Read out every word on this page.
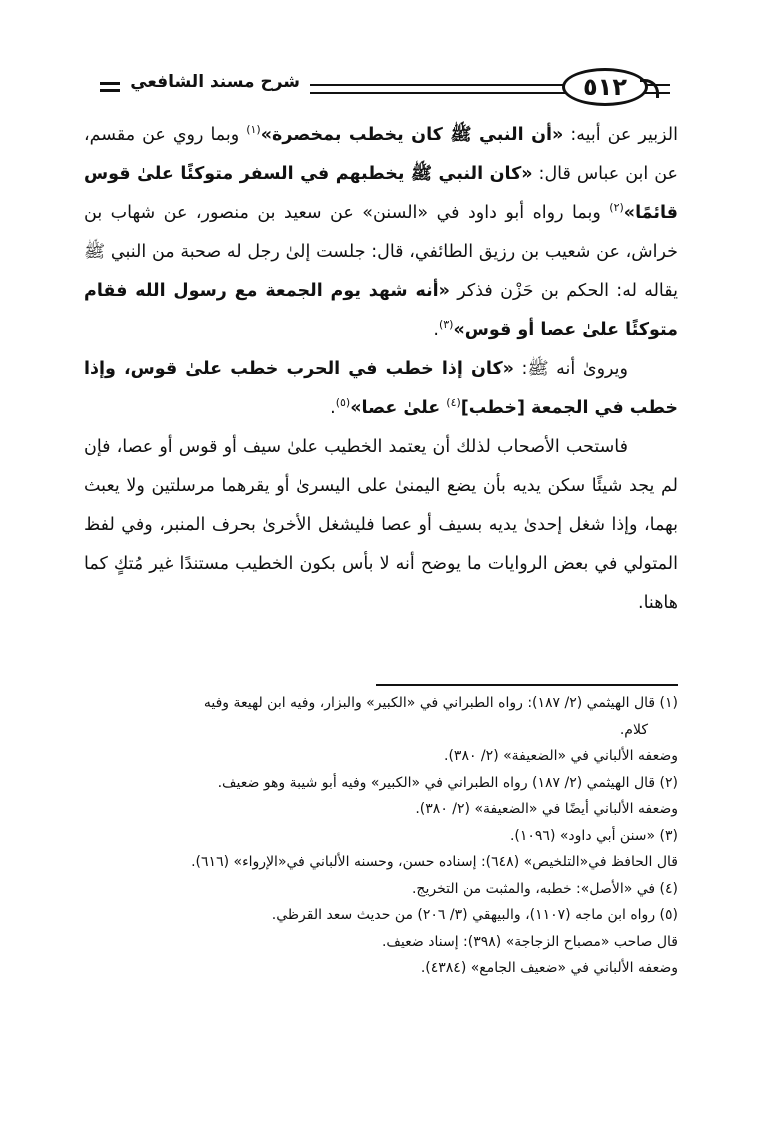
شرح مسند الشافعي	٥١٢

الزبير عن أبيه: «أن النبي ﷺ كان يخطب بمخصرة»$^{(١)}$ وبما روي عن مقسم، عن ابن عباس قال: «كان النبي ﷺ يخطبهم في السفر متوكئًا علىٰ قوس قائمًا»$^{(٢)}$ وبما رواه أبو داود في «السنن» عن سعيد بن منصور، عن شهاب بن خراش، عن شعيب بن رزيق الطائفي، قال: جلست إلىٰ رجل له صحبة من النبي ﷺ يقاله له: الحكم بن حَزْن فذكر «أنه شهد يوم الجمعة مع رسول الله فقام متوكئًا علىٰ عصا أو قوس»$^{(٣)}$.

ويروىٰ أنه ﷺ: «كان إذا خطب في الحرب خطب علىٰ قوس، وإذا خطب في الجمعة [خطب]$^{(٤)}$ علىٰ عصا»$^{(٥)}$.

فاستحب الأصحاب لذلك أن يعتمد الخطيب علىٰ سيف أو قوس أو عصا، فإن لم يجد شيئًا سكن يديه بأن يضع اليمنىٰ على اليسرىٰ أو يقرهما مرسلتين ولا يعبث بهما، وإذا شغل إحدىٰ يديه بسيف أو عصا فليشغل الأخرىٰ بحرف المنبر، وفي لفظ المتولي في بعض الروايات ما يوضح أنه لا بأس بكون الخطيب مستندًا غير مُتكٍ كما هاهنا.

(١) قال الهيثمي (٢/ ١٨٧): رواه الطبراني في «الكبير» والبزار، وفيه ابن لهيعة وفيه

كلام.

وضعفه الألباني في «الضعيفة» (٢/ ٣٨٠).

(٢) قال الهيثمي (٢/ ١٨٧) رواه الطبراني في «الكبير» وفيه أبو شيبة وهو ضعيف.

وضعفه الألباني أيضًا في «الضعيفة» (٢/ ٣٨٠).

(٣) «سنن أبي داود» (١٠٩٦).

قال الحافظ في«التلخيص» (٦٤٨): إسناده حسن، وحسنه الألباني في«الإرواء» (٦١٦).

(٤) في «الأصل»: خطبه، والمثبت من التخريج.

(٥) رواه ابن ماجه (١١٠٧)، والبيهقي (٣/ ٢٠٦) من حديث سعد القرظي.

قال صاحب «مصباح الزجاجة» (٣٩٨): إسناد ضعيف.

وضعفه الألباني في «ضعيف الجامع» (٤٣٨٤).
